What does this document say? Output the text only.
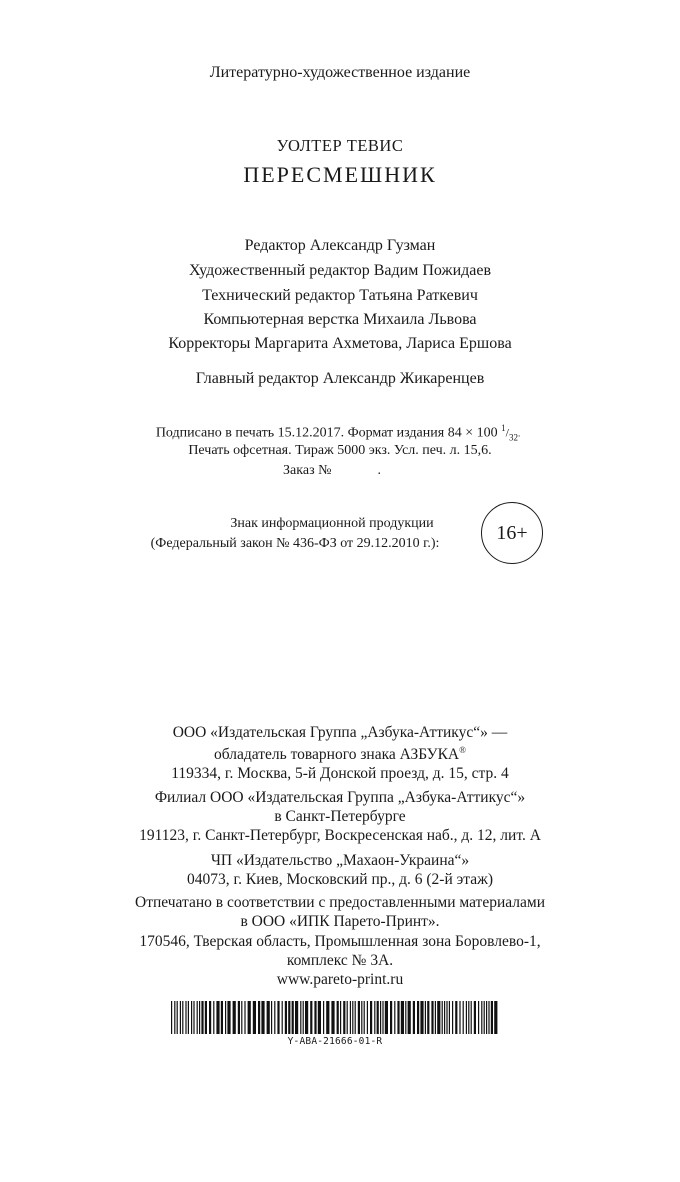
Литературно-художественное издание
УОЛТЕР ТЕВИС
ПЕРЕСМЕШНИК
Редактор Александр Гузман
Художественный редактор Вадим Пожидаев
Технический редактор Татьяна Раткевич
Компьютерная верстка Михаила Львова
Корректоры Маргарита Ахметова, Лариса Ершова
Главный редактор Александр Жикаренцев
Подписано в печать 15.12.2017. Формат издания 84 × 100 $^1/_{32}$.
Печать офсетная. Тираж 5000 экз. Усл. печ. л. 15,6.
Заказ №	.
Знак информационной продукции
(Федеральный закон № 436-ФЗ от 29.12.2010 г.):	16+
ООО «Издательская Группа „Азбука-Аттикус“» —
обладатель товарного знака АЗБУКА®
119334, г. Москва, 5-й Донской проезд, д. 15, стр. 4
Филиал ООО «Издательская Группа „Азбука-Аттикус“»
в Санкт-Петербурге
191123, г. Санкт-Петербург, Воскресенская наб., д. 12, лит. А
ЧП «Издательство „Махаон-Украина“»
04073, г. Киев, Московский пр., д. 6 (2-й этаж)
Отпечатано в соответствии с предоставленными материалами
в ООО «ИПК Парето-Принт».
170546, Тверская область, Промышленная зона Боровлево-1,
комплекс № 3А.
www.pareto-print.ru
Y-ABA-21666-01-R
